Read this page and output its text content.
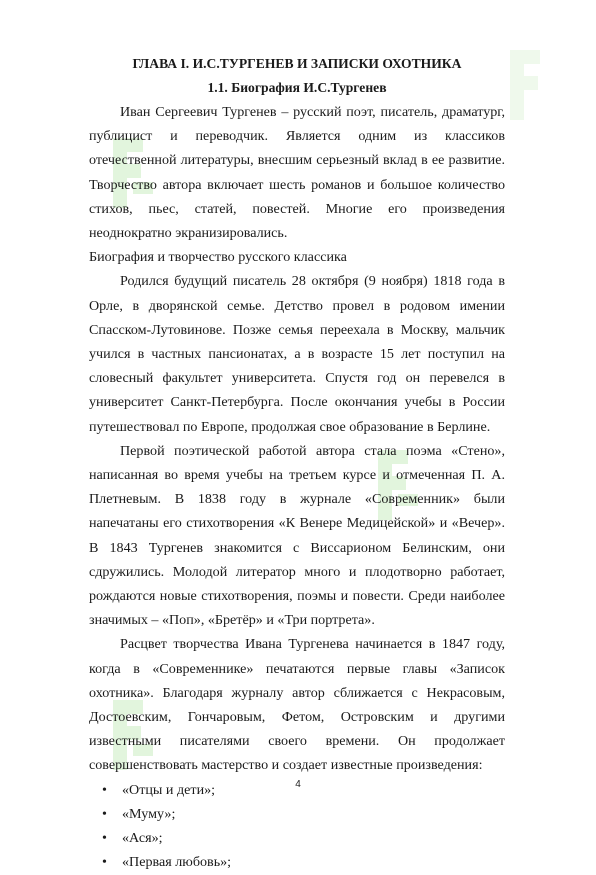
ГЛАВА I. И.С.ТУРГЕНЕВ И ЗАПИСКИ ОХОТНИКА
1.1. Биография И.С.Тургенев

Иван Сергеевич Тургенев – русский поэт, писатель, драматург, публицист и переводчик. Является одним из классиков отечественной литературы, внесшим серьезный вклад в ее развитие. Творчество автора включает шесть романов и большое количество стихов, пьес, статей, повестей. Многие его произведения неоднократно экранизировались.

Биография и творчество русского классика

Родился будущий писатель 28 октября (9 ноября) 1818 года в Орле, в дворянской семье. Детство провел в родовом имении Спасском-Лутовинове. Позже семья переехала в Москву, мальчик учился в частных пансионатах, а в возрасте 15 лет поступил на словесный факультет университета. Спустя год он перевелся в университет Санкт-Петербурга. После окончания учебы в России путешествовал по Европе, продолжая свое образование в Берлине.

Первой поэтической работой автора стала поэма «Стено», написанная во время учебы на третьем курсе и отмеченная П. А. Плетневым. В 1838 году в журнале «Современник» были напечатаны его стихотворения «К Венере Медицейской» и «Вечер». В 1843 Тургенев знакомится с Виссарионом Белинским, они сдружились. Молодой литератор много и плодотворно работает, рождаются новые стихотворения, поэмы и повести. Среди наиболее значимых – «Поп», «Бретёр» и «Три портрета».

Расцвет творчества Ивана Тургенева начинается в 1847 году, когда в «Современнике» печатаются первые главы «Записок охотника». Благодаря журналу автор сближается с Некрасовым, Достоевским, Гончаровым, Фетом, Островским и другими известными писателями своего времени. Он продолжает совершенствовать мастерство и создает известные произведения:

• «Отцы и дети»;
• «Муму»;
• «Ася»;
• «Первая любовь»;
4
